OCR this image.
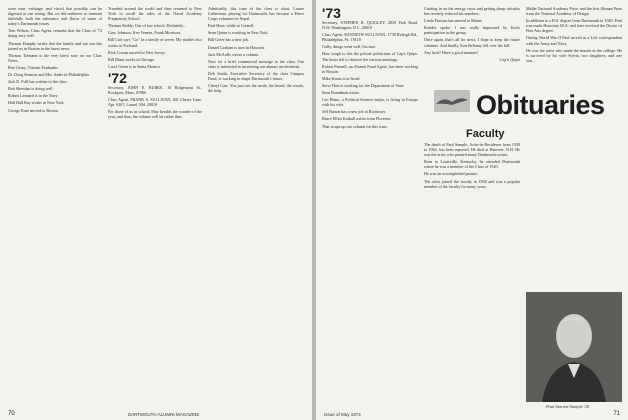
store vine, verbiage, and vitriol that possibly can be digested at one sitting. But we did endeavor to transmit faithfully both the substance and flavor of some of today's Dartmouth issues.

Tom Wilson, Class Agent, remarks that the Class of '72 doing very well.

Thomas Dunphy writes that the family and our son has joined us in Boston in the latest news.

Thomas Tiemann is the very latest note on our Class Notes.

Pete Geary, Vincent Fairbanks.

Dr. Doug Seamon and Mrs. Sadie in Philadelphia.

Jack D. Prill has written to the class.

Bob Sheridan is doing well.

Robert Leonard is in the Navy.

Hall Hall Ray works in New York.

George Kato moved to Boston.

Traveled around the world and then returned to New York to recall the tales of the Naval Academy Preparatory School.

Thomas Reddy: Our of law school. Definitely...

Gary Johnson, Ken Vernon, Frank Morrison.

Bill Carl says "Go" in a family of seven. My mother also works in Portland.

Rick Cowan moved to New Jersey.

Bill Blum works in Chicago.

Carol Green is in Santa Monica.

'72

Secretary, JOHN E. BURKE, 16 Ridgemont St., Rockport, Mass. 01966

Class Agent, FRANK S. SULLIVAN, 401 Cherry Lane, Apt. 6307, Laurel, Md. 20810

For those of us in school, May heralds the wonder of the year, and thus, the volume will be rather thin.

Admittedly, this time of the class is short. Laurie Lieberman, playing for Dartmouth, has become a Peace Corps volunteer in Nepal.

Paul Haas: while at Cornell.

Sean Quinn is working in New York.

Bill Greer has a new job.

Daniel Graham is now in Houston.

Jack McArdle writes a column.

Now for a brief commercial message to the class. Our class is interested in increasing our alumni involvement.

Deb Smith, Executive Secretary of the class Campus Fund, is working to shape Dartmouth's future.

Cheryl Carr: You just see the smile, the beard, the words, the help.

70	DARTMOUTH ALUMNI MAGAZINE
'73

Secretary, STEPHEN R. QUIGLEY, 2030 Park Road, N.W. Washington, D.C. 20010

Class Agent, KENNETH SULLIVAN, 1738 Raleigh Rd., Philadelphia, Pa. 19118

Golly, things went well, I'm sure.

How tough is this the private politicians of Cap's Quips. The hosts left to observe the various meetings.

Robert Pennell, an Alumni Fund Agent, has been working in Boston.

Mike Kraus is in Israel.

Steve Hart is working for the Department of State.

Sean Boardman writes.

Leo Blanc, a Political Science major, is living in Europe with his wife.

Jeff Barton has a new job in Rochester.

Bruce Elliot Katkall writes from Florence.

That wraps up our column for this issue.

Cashing in on the energy crisis and getting sharp calculus has recently reduced his numbers.

Linda Parsons has moved to Maine.

Kreider spoke, I was really impressed by Ken's participation in the group.

Once again, that's all for news. I hope to keep the future columns. And finally, Ken Bellamy fell over the hill.

Any luck? Have a good summer!

Cap'n Quips

Mallet National Academy Prize, and the first Altman Prize from the National Academy of Design.

In addition to a B.S. degree from Dartmouth in 1920, Paul was made Honorary M.A. and later received the Doctor of Fine Arts degree.

During World War II Paul served as a Life correspondent with the Army and Navy.

He was the artist who made the murals in the college. He is survived by his wife Sylvia, two daughters, and one son.

Obituaries
Faculty

The death of Paul Sample, Artist-in-Residence from 1938 to 1962, has been reported. He died at Hanover, N.H. He was the artist who painted many Dartmouth scenes.

Born in Louisville, Kentucky, he attended Dartmouth where he was a member of the Class of 1920.

He was an accomplished painter.

The artist joined the faculty in 1938 and was a popular member of the faculty for many years.

Paul Starrett Sample '20
Issue of May 1974	71
